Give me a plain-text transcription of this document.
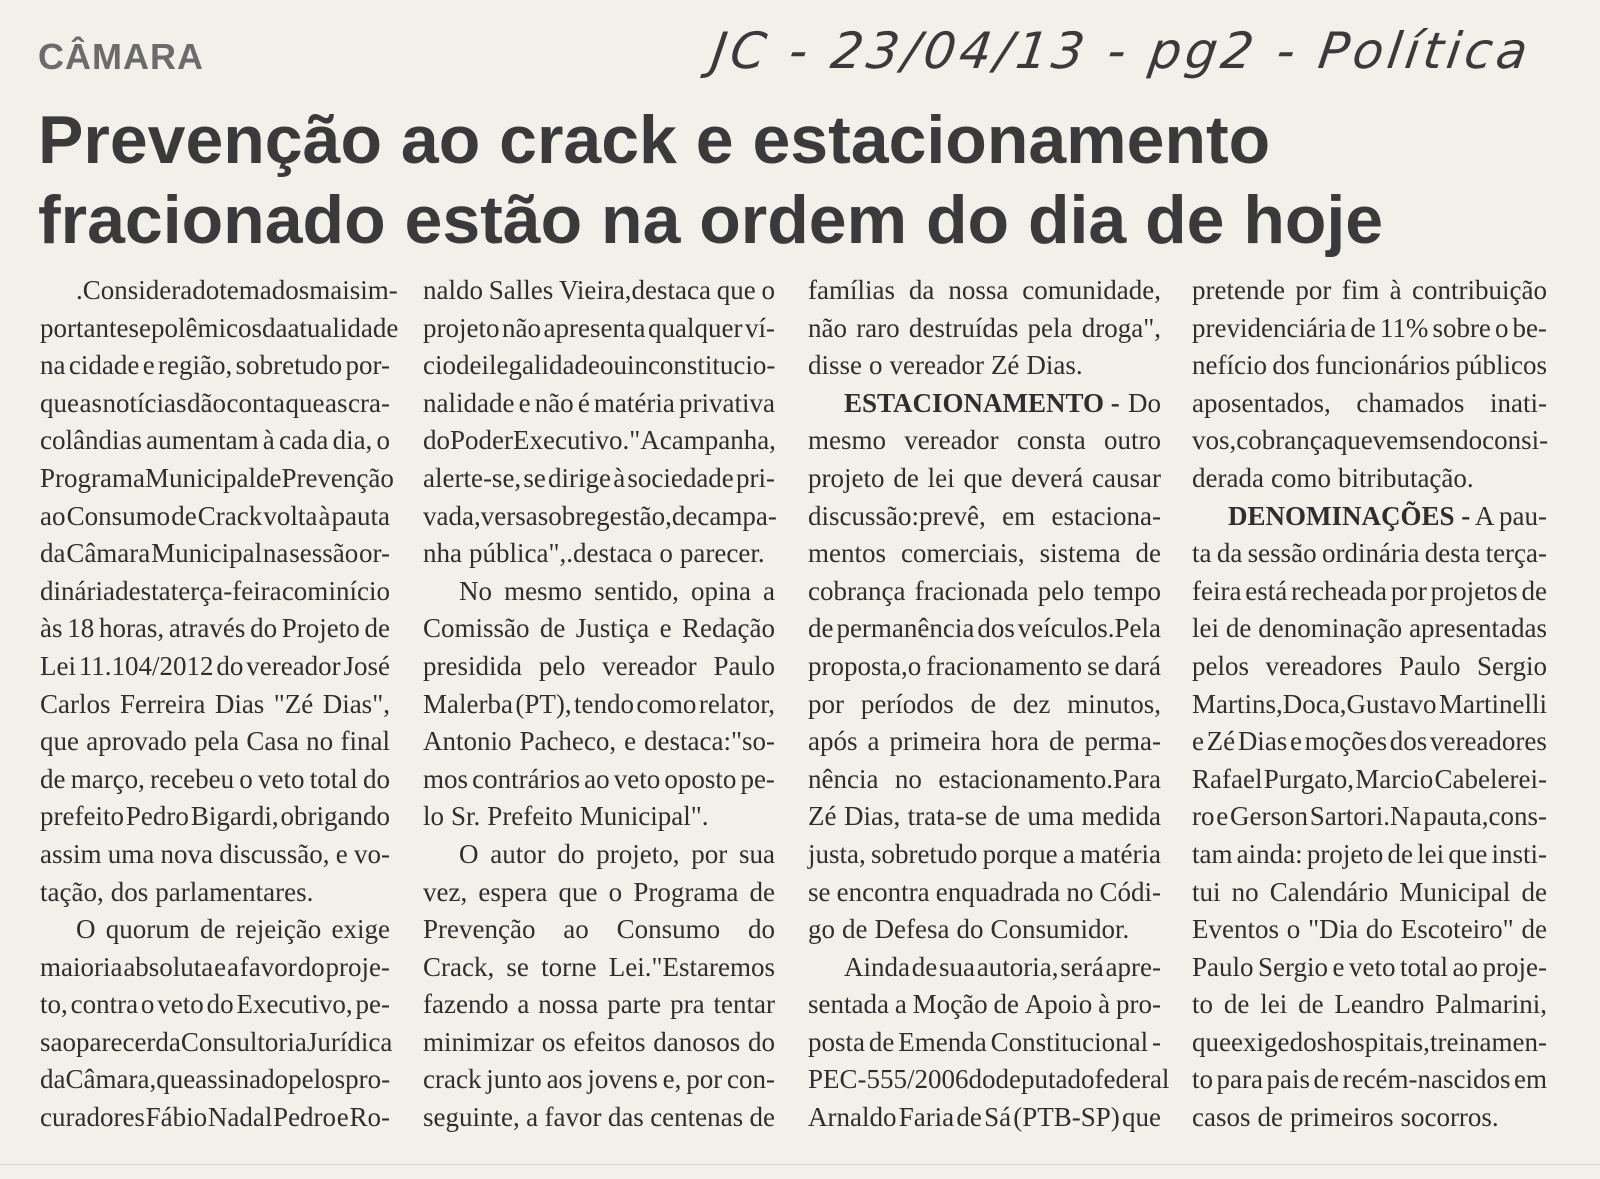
CÂMARA	JC - 23/04/13 - pg2 - Política
Prevenção ao crack e estacionamento
fracionado estão na ordem do dia de hoje
. Considerado tema dos mais im-
portantes e polêmicos da atualidade
na cidade e região, sobretudo por-
que as notícias dão conta que as cra-
colândias aumentam à cada dia, o
Programa Municipal de Prevenção
ao Consumo de Crack volta à pauta
da Câmara Municipal na sessão or-
dinária desta terça-feira com início
às 18 horas, através do Projeto de
Lei 11.104/2012 do vereador José
Carlos Ferreira Dias "Zé Dias",
que aprovado pela Casa no final
de março, recebeu o veto total do
prefeito Pedro Bigardi, obrigando
assim uma nova discussão, e vo-
tação, dos parlamentares.
O quorum de rejeição exige
maioria absoluta e a favor do proje-
to, contra o veto do Executivo, pe-
sa o parecer da Consultoria Jurídica
da Câmara, que assinado pelos pro-
curadores Fábio Nadal Pedro e Ro-
naldo Salles Vieira,destaca que o
projeto não apresenta qualquer ví-
cio de ilegalidade ou inconstitucio-
nalidade e não é matéria privativa
do Poder Executivo."A campanha,
alerte-se, se dirige à sociedade pri-
vada, versa sobre gestão, de campa-
nha pública",.destaca o parecer.
No mesmo sentido, opina a
Comissão de Justiça e Redação
presidida pelo vereador Paulo
Malerba (PT), tendo como relator,
Antonio Pacheco, e destaca:"so-
mos contrários ao veto oposto pe-
lo Sr. Prefeito Municipal".
O autor do projeto, por sua
vez, espera que o Programa de
Prevenção ao Consumo do
Crack, se torne Lei."Estaremos
fazendo a nossa parte pra tentar
minimizar os efeitos danosos do
crack junto aos jovens e, por con-
seguinte, a favor das centenas de
famílias da nossa comunidade,
não raro destruídas pela droga",
disse o vereador Zé Dias.
ESTACIONAMENTO - Do
mesmo vereador consta outro
projeto de lei que deverá causar
discussão:prevê, em estaciona-
mentos comerciais, sistema de
cobrança fracionada pelo tempo
de permanência dos veículos.Pela
proposta,o fracionamento se dará
por períodos de dez minutos,
após a primeira hora de perma-
nência no estacionamento.Para
Zé Dias, trata-se de uma medida
justa, sobretudo porque a matéria
se encontra enquadrada no Códi-
go de Defesa do Consumidor.
Ainda de sua autoria, será apre-
sentada a Moção de Apoio à pro-
posta de Emenda Constitucional -
PEC-555/2006 do deputado federal
Arnaldo Faria de Sá (PTB-SP) que
pretende por fim à contribuição
previdenciária de 11% sobre o be-
nefício dos funcionários públicos
aposentados, chamados inati-
vos,cobrança que vem sendo consi-
derada como bitributação.
DENOMINAÇÕES - A pau-
ta da sessão ordinária desta terça-
feira está recheada por projetos de
lei de denominação apresentadas
pelos vereadores Paulo Sergio
Martins,Doca,Gustavo Martinelli
e Zé Dias e moções dos vereadores
Rafael Purgato, Marcio Cabelerei-
ro e Gerson Sartori.Na pauta,cons-
tam ainda: projeto de lei que insti-
tui no Calendário Municipal de
Eventos o "Dia do Escoteiro" de
Paulo Sergio e veto total ao proje-
to de lei de Leandro Palmarini,
que exige dos hospitais, treinamen-
to para pais de recém-nascidos em
casos de primeiros socorros.
